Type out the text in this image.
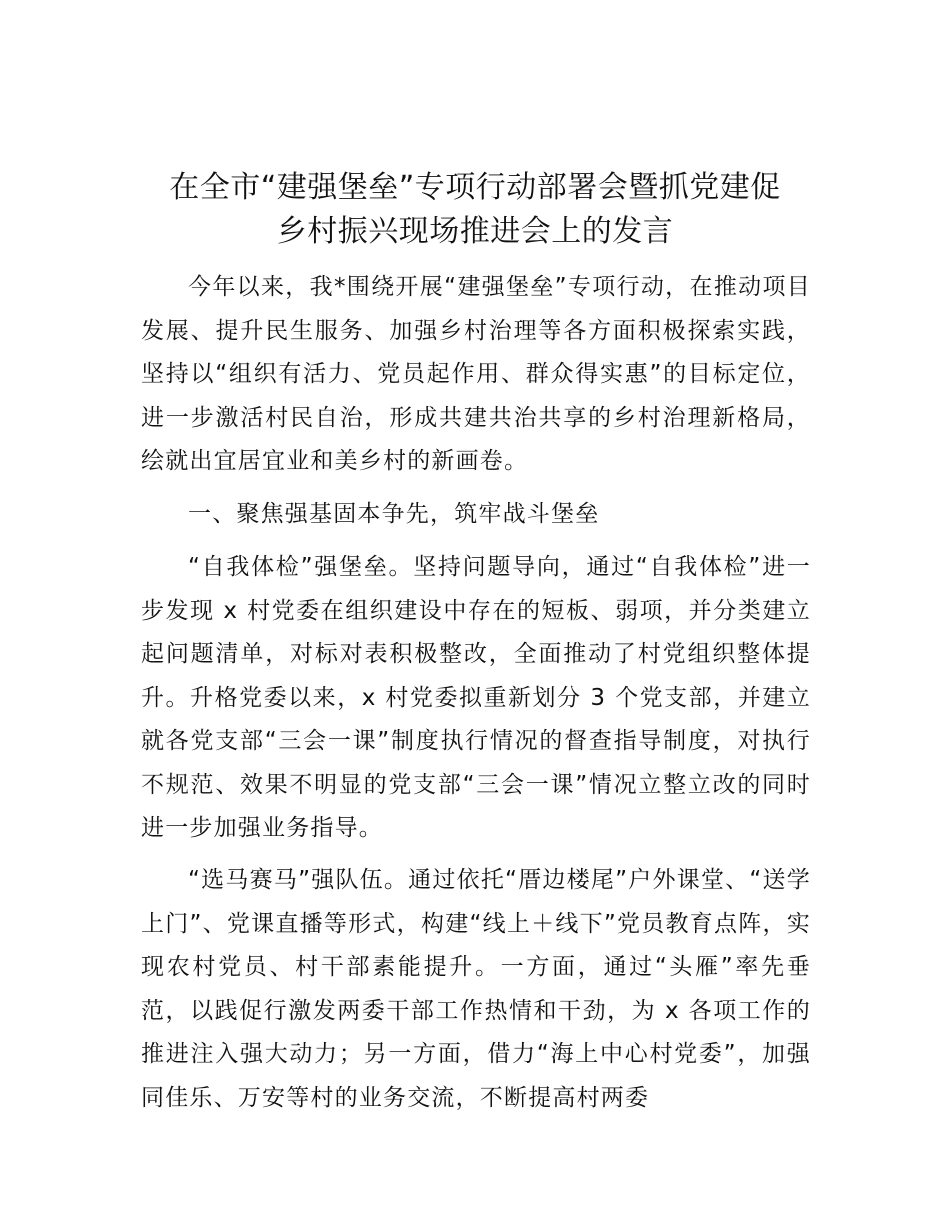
在全市“建强堡垒”专项行动部署会暨抓党建促
乡村振兴现场推进会上的发言

今年以来，我*围绕开展“建强堡垒”专项行动，在推动项目发展、提升民生服务、加强乡村治理等各方面积极探索实践，坚持以“组织有活力、党员起作用、群众得实惠”的目标定位，进一步激活村民自治，形成共建共治共享的乡村治理新格局，绘就出宜居宜业和美乡村的新画卷。

一、聚焦强基固本争先，筑牢战斗堡垒

“自我体检”强堡垒。坚持问题导向，通过“自我体检”进一步发现 x 村党委在组织建设中存在的短板、弱项，并分类建立起问题清单，对标对表积极整改，全面推动了村党组织整体提升。升格党委以来，x 村党委拟重新划分 3 个党支部，并建立就各党支部“三会一课”制度执行情况的督查指导制度，对执行不规范、效果不明显的党支部“三会一课”情况立整立改的同时进一步加强业务指导。

“选马赛马”强队伍。通过依托“厝边楼尾”户外课堂、“送学上门”、党课直播等形式，构建“线上＋线下”党员教育点阵，实现农村党员、村干部素能提升。一方面，通过“头雁”率先垂范，以践促行激发两委干部工作热情和干劲，为 x 各项工作的推进注入强大动力；另一方面，借力“海上中心村党委”，加强同佳乐、万安等村的业务交流，不断提高村两委
